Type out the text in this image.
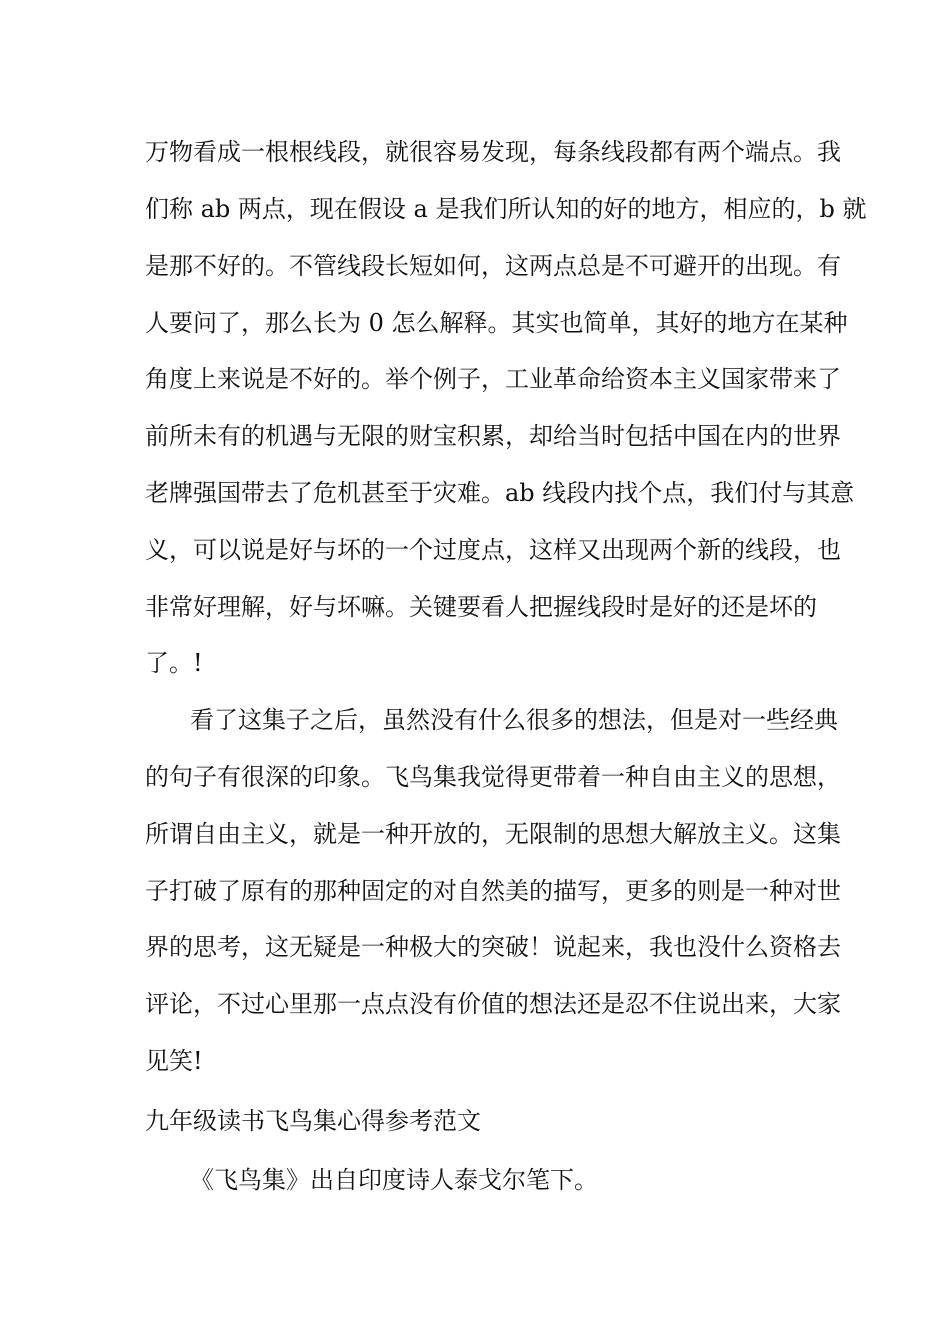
万物看成一根根线段，就很容易发现，每条线段都有两个端点。我
们称 ab 两点，现在假设 a 是我们所认知的好的地方，相应的，b 就
是那不好的。不管线段长短如何，这两点总是不可避开的出现。有
人要问了，那么长为 0 怎么解释。其实也简单，其好的地方在某种
角度上来说是不好的。举个例子，工业革命给资本主义国家带来了
前所未有的机遇与无限的财宝积累，却给当时包括中国在内的世界
老牌强国带去了危机甚至于灾难。ab 线段内找个点，我们付与其意
义，可以说是好与坏的一个过度点，这样又出现两个新的线段，也
非常好理解，好与坏嘛。关键要看人把握线段时是好的还是坏的
了。!
看了这集子之后，虽然没有什么很多的想法，但是对一些经典
的句子有很深的印象。飞鸟集我觉得更带着一种自由主义的思想，
所谓自由主义，就是一种开放的，无限制的思想大解放主义。这集
子打破了原有的那种固定的对自然美的描写，更多的则是一种对世
界的思考，这无疑是一种极大的突破！说起来，我也没什么资格去
评论，不过心里那一点点没有价值的想法还是忍不住说出来，大家
见笑!
九年级读书飞鸟集心得参考范文
《飞鸟集》出自印度诗人泰戈尔笔下。
